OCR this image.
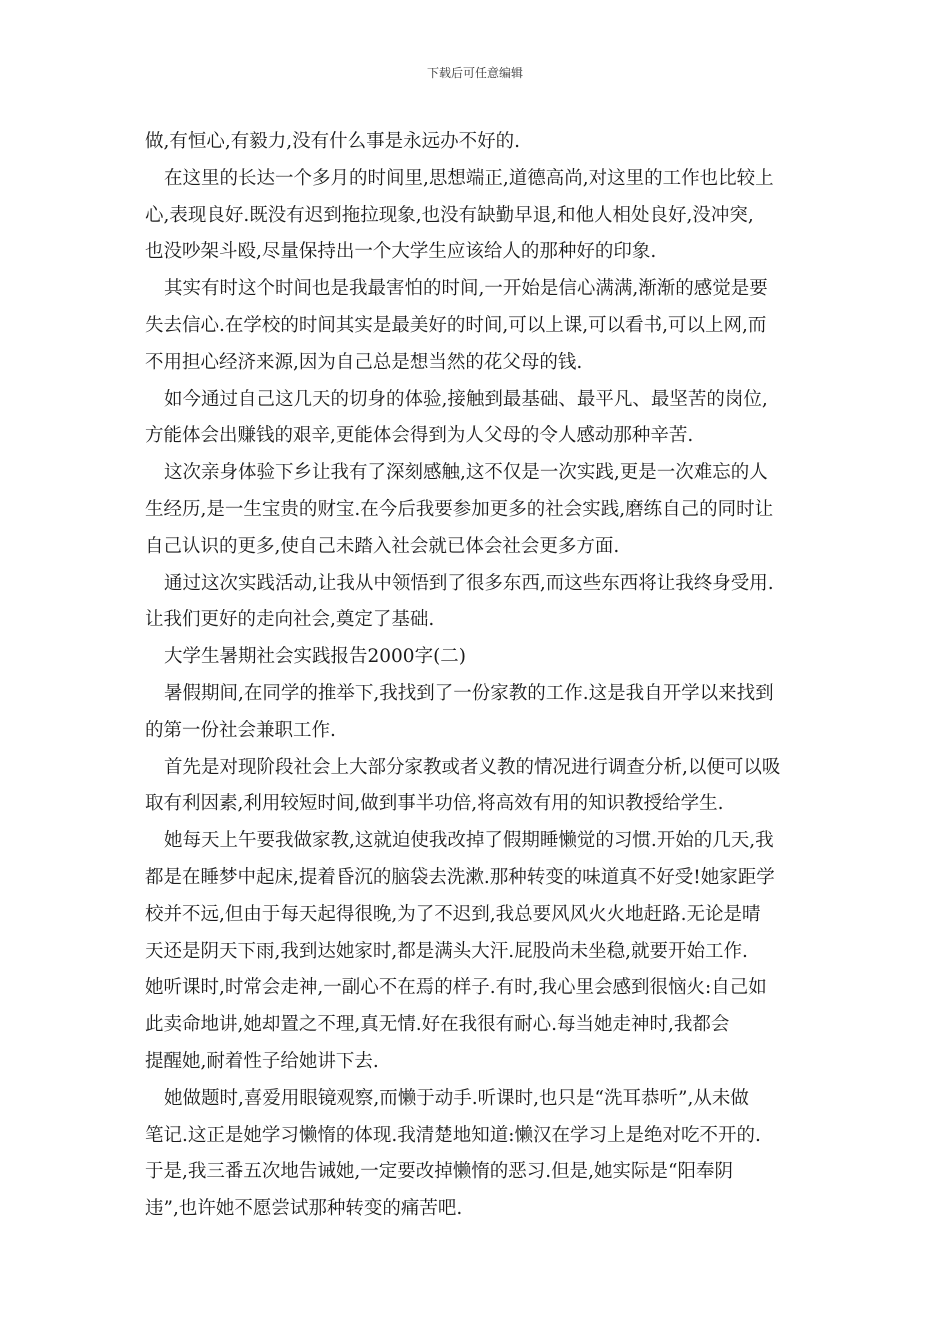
下载后可任意编辑
做,有恒心,有毅力,没有什么事是永远办不好的.
在这里的长达一个多月的时间里,思想端正,道德高尚,对这里的工作也比较上
心,表现良好.既没有迟到拖拉现象,也没有缺勤早退,和他人相处良好,没冲突,
也没吵架斗殴,尽量保持出一个大学生应该给人的那种好的印象.
其实有时这个时间也是我最害怕的时间,一开始是信心满满,渐渐的感觉是要
失去信心.在学校的时间其实是最美好的时间,可以上课,可以看书,可以上网,而
不用担心经济来源,因为自己总是想当然的花父母的钱.
如今通过自己这几天的切身的体验,接触到最基础、最平凡、最坚苦的岗位,
方能体会出赚钱的艰辛,更能体会得到为人父母的令人感动那种辛苦.
这次亲身体验下乡让我有了深刻感触,这不仅是一次实践,更是一次难忘的人
生经历,是一生宝贵的财宝.在今后我要参加更多的社会实践,磨练自己的同时让
自己认识的更多,使自己未踏入社会就已体会社会更多方面.
通过这次实践活动,让我从中领悟到了很多东西,而这些东西将让我终身受用.
让我们更好的走向社会,奠定了基础.
大学生暑期社会实践报告2000字(二)
暑假期间,在同学的推举下,我找到了一份家教的工作.这是我自开学以来找到
的第一份社会兼职工作.
首先是对现阶段社会上大部分家教或者义教的情况进行调查分析,以便可以吸
取有利因素,利用较短时间,做到事半功倍,将高效有用的知识教授给学生.
她每天上午要我做家教,这就迫使我改掉了假期睡懒觉的习惯.开始的几天,我
都是在睡梦中起床,提着昏沉的脑袋去洗漱.那种转变的味道真不好受!她家距学
校并不远,但由于每天起得很晚,为了不迟到,我总要风风火火地赶路.无论是晴
天还是阴天下雨,我到达她家时,都是满头大汗.屁股尚未坐稳,就要开始工作.
她听课时,时常会走神,一副心不在焉的样子.有时,我心里会感到很恼火:自己如
此卖命地讲,她却置之不理,真无情.好在我很有耐心.每当她走神时,我都会
提醒她,耐着性子给她讲下去.
她做题时,喜爱用眼镜观察,而懒于动手.听课时,也只是“洗耳恭听”,从未做
笔记.这正是她学习懒惰的体现.我清楚地知道:懒汉在学习上是绝对吃不开的.
于是,我三番五次地告诫她,一定要改掉懒惰的恶习.但是,她实际是“阳奉阴
违”,也许她不愿尝试那种转变的痛苦吧.
